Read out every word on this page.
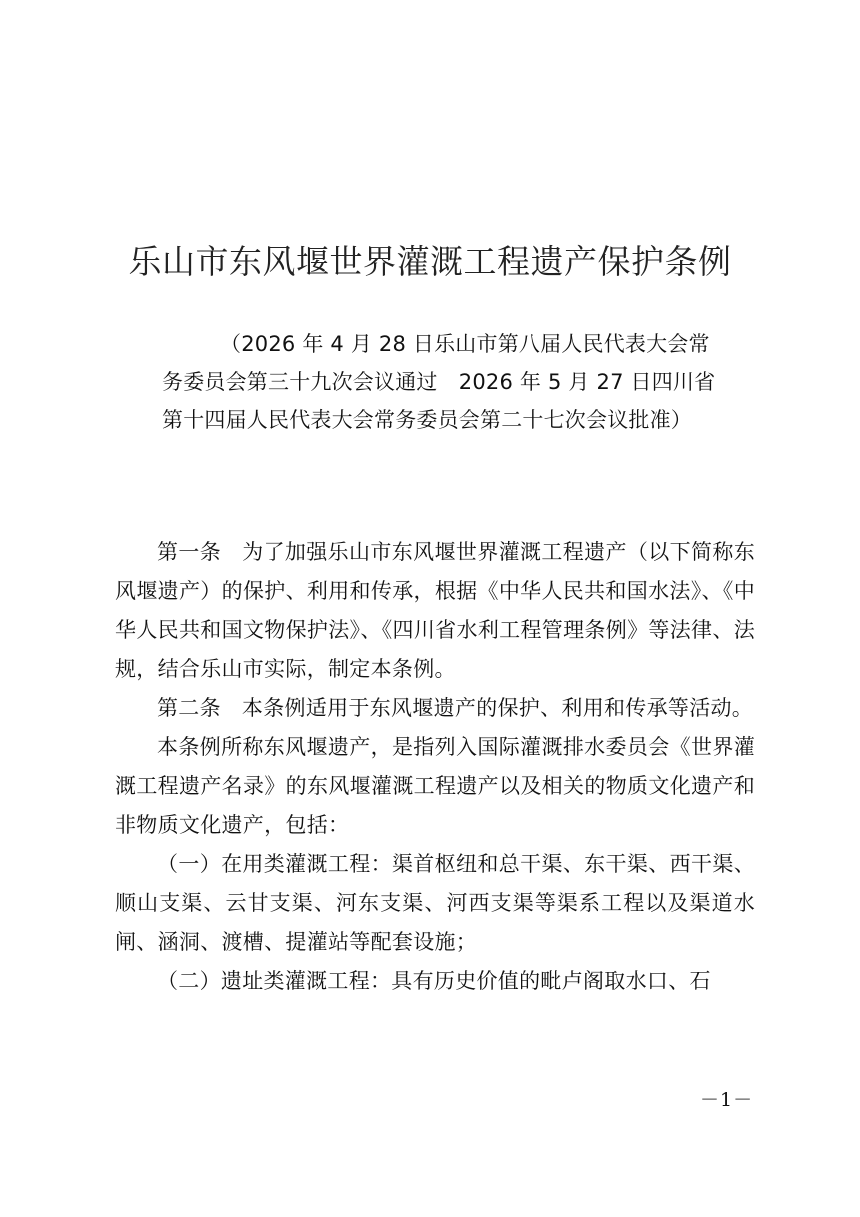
乐山市东风堰世界灌溉工程遗产保护条例
（2026 年 4 月 28 日乐山市第八届人民代表大会常务委员会第三十九次会议通过　2026 年 5 月 27 日四川省第十四届人民代表大会常务委员会第二十七次会议批准）

第一条 为了加强乐山市东风堰世界灌溉工程遗产（以下简称东风堰遗产）的保护、利用和传承，根据《中华人民共和国水法》、《中华人民共和国文物保护法》、《四川省水利工程管理条例》等法律、法规，结合乐山市实际，制定本条例。

第二条 本条例适用于东风堰遗产的保护、利用和传承等活动。

本条例所称东风堰遗产，是指列入国际灌溉排水委员会《世界灌溉工程遗产名录》的东风堰灌溉工程遗产以及相关的物质文化遗产和非物质文化遗产，包括：

（一）在用类灌溉工程：渠首枢纽和总干渠、东干渠、西干渠、顺山支渠、云甘支渠、河东支渠、河西支渠等渠系工程以及渠道水闸、涵洞、渡槽、提灌站等配套设施；

（二）遗址类灌溉工程：具有历史价值的毗卢阁取水口、石

－1－
